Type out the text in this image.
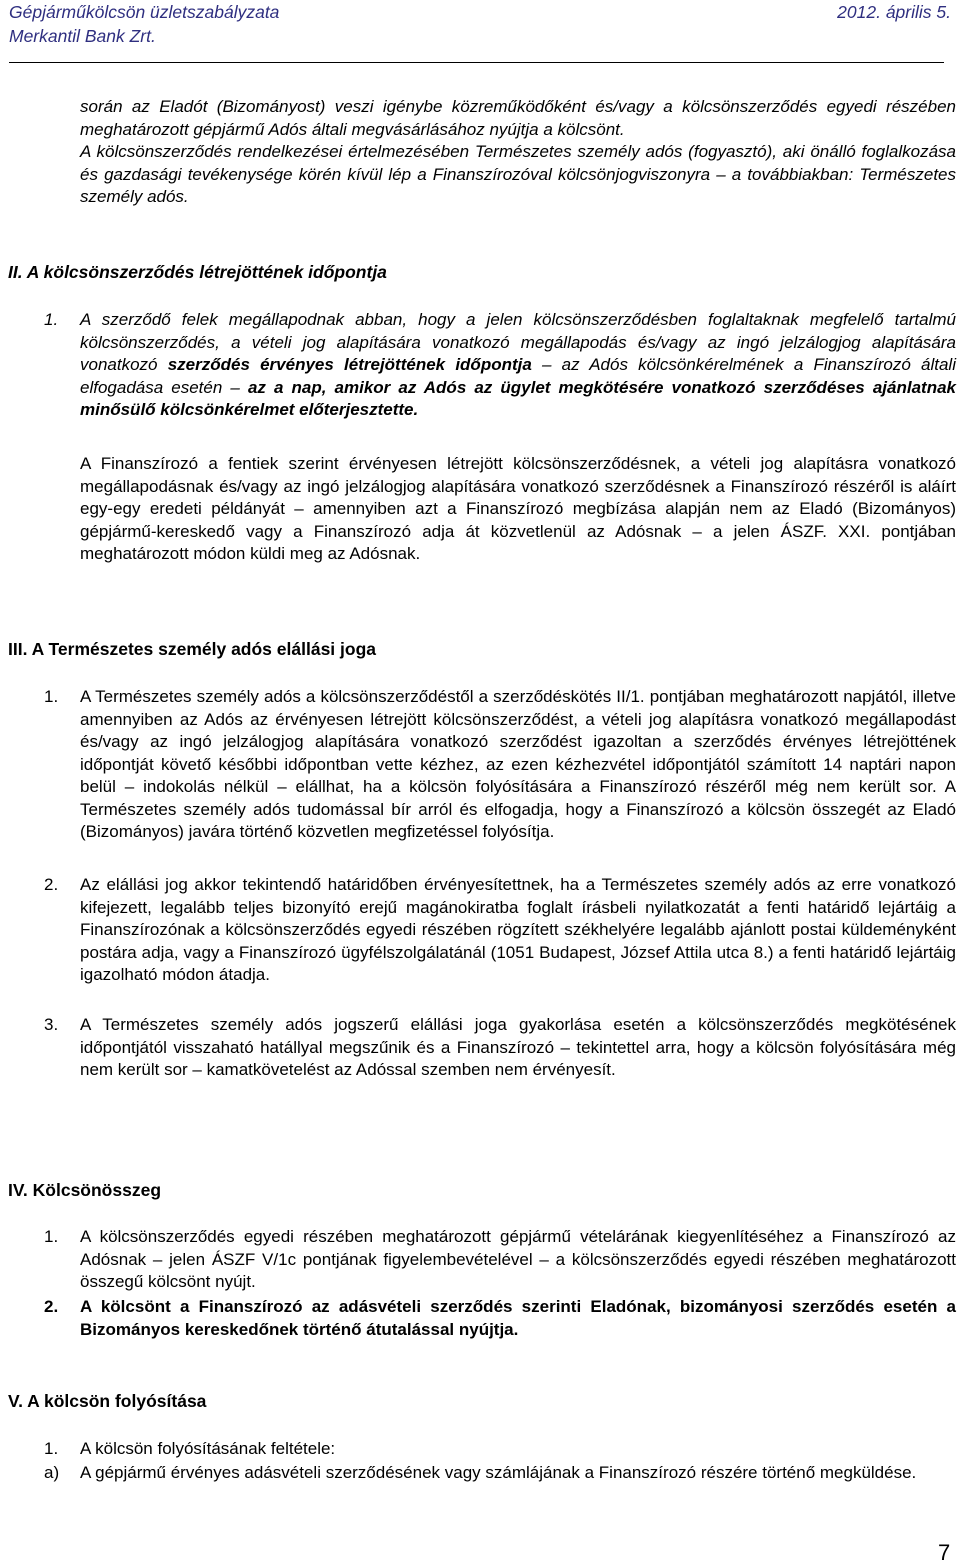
Gépjárműkölcsön üzletszabályzata	2012. április 5.
Merkantil Bank Zrt.
során az Eladót (Bizományost) veszi igénybe közreműködőként és/vagy a kölcsönszerződés egyedi részében meghatározott gépjármű Adós általi megvásárlásához nyújtja a kölcsönt.
A kölcsönszerződés rendelkezései értelmezésében Természetes személy adós (fogyasztó), aki önálló foglalkozása és gazdasági tevékenysége körén kívül lép a Finanszírozóval kölcsönjogviszonyra – a továbbiakban: Természetes személy adós.
II. A kölcsönszerződés létrejöttének időpontja
1. A szerződő felek megállapodnak abban, hogy a jelen kölcsönszerződésben foglaltaknak megfelelő tartalmú kölcsönszerződés, a vételi jog alapítására vonatkozó megállapodás és/vagy az ingó jelzálogjog alapítására vonatkozó szerződés érvényes létrejöttének időpontja – az Adós kölcsönkérelmének a Finanszírozó általi elfogadása esetén – az a nap, amikor az Adós az ügylet megkötésére vonatkozó szerződéses ajánlatnak minősülő kölcsönkérelmet előterjesztette.
A Finanszírozó a fentiek szerint érvényesen létrejött kölcsönszerződésnek, a vételi jog alapításra vonatkozó megállapodásnak és/vagy az ingó jelzálogjog alapítására vonatkozó szerződésnek a Finanszírozó részéről is aláírt egy-egy eredeti példányát – amennyiben azt a Finanszírozó megbízása alapján nem az Eladó (Bizományos) gépjármű-kereskedő vagy a Finanszírozó adja át közvetlenül az Adósnak – a jelen ÁSZF. XXI. pontjában meghatározott módon küldi meg az Adósnak.
III. A Természetes személy adós elállási joga
1. A Természetes személy adós a kölcsönszerződéstől a szerződéskötés II/1. pontjában meghatározott napjától, illetve amennyiben az Adós az érvényesen létrejött kölcsönszerződést, a vételi jog alapításra vonatkozó megállapodást és/vagy az ingó jelzálogjog alapítására vonatkozó szerződést igazoltan a szerződés érvényes létrejöttének időpontját követő későbbi időpontban vette kézhez, az ezen kézhezvétel időpontjától számított 14 naptári napon belül – indokolás nélkül – elállhat, ha a kölcsön folyósítására a Finanszírozó részéről még nem került sor. A Természetes személy adós tudomással bír arról és elfogadja, hogy a Finanszírozó a kölcsön összegét az Eladó (Bizományos) javára történő közvetlen megfizetéssel folyósítja.
2. Az elállási jog akkor tekintendő határidőben érvényesítettnek, ha a Természetes személy adós az erre vonatkozó kifejezett, legalább teljes bizonyító erejű magánokiratba foglalt írásbeli nyilatkozatát a fenti határidő lejártáig a Finanszírozónak a kölcsönszerződés egyedi részében rögzített székhelyére legalább ajánlott postai küldeményként postára adja, vagy a Finanszírozó ügyfélszolgálatánál (1051 Budapest, József Attila utca 8.) a fenti határidő lejártáig igazolható módon átadja.
3. A Természetes személy adós jogszerű elállási joga gyakorlása esetén a kölcsönszerződés megkötésének időpontjától visszaható hatállyal megszűnik és a Finanszírozó – tekintettel arra, hogy a kölcsön folyósítására még nem került sor – kamatkövetelést az Adóssal szemben nem érvényesít.
IV. Kölcsönösszeg
1. A kölcsönszerződés egyedi részében meghatározott gépjármű vételárának kiegyenlítéséhez a Finanszírozó az Adósnak – jelen ÁSZF V/1c pontjának figyelembevételével – a kölcsönszerződés egyedi részében meghatározott összegű kölcsönt nyújt.
2. A kölcsönt a Finanszírozó az adásvételi szerződés szerinti Eladónak, bizományosi szerződés esetén a Bizományos kereskedőnek történő átutalással nyújtja.
V. A kölcsön folyósítása
1. A kölcsön folyósításának feltétele:
a) A gépjármű érvényes adásvételi szerződésének vagy számlájának a Finanszírozó részére történő megküldése.
7
